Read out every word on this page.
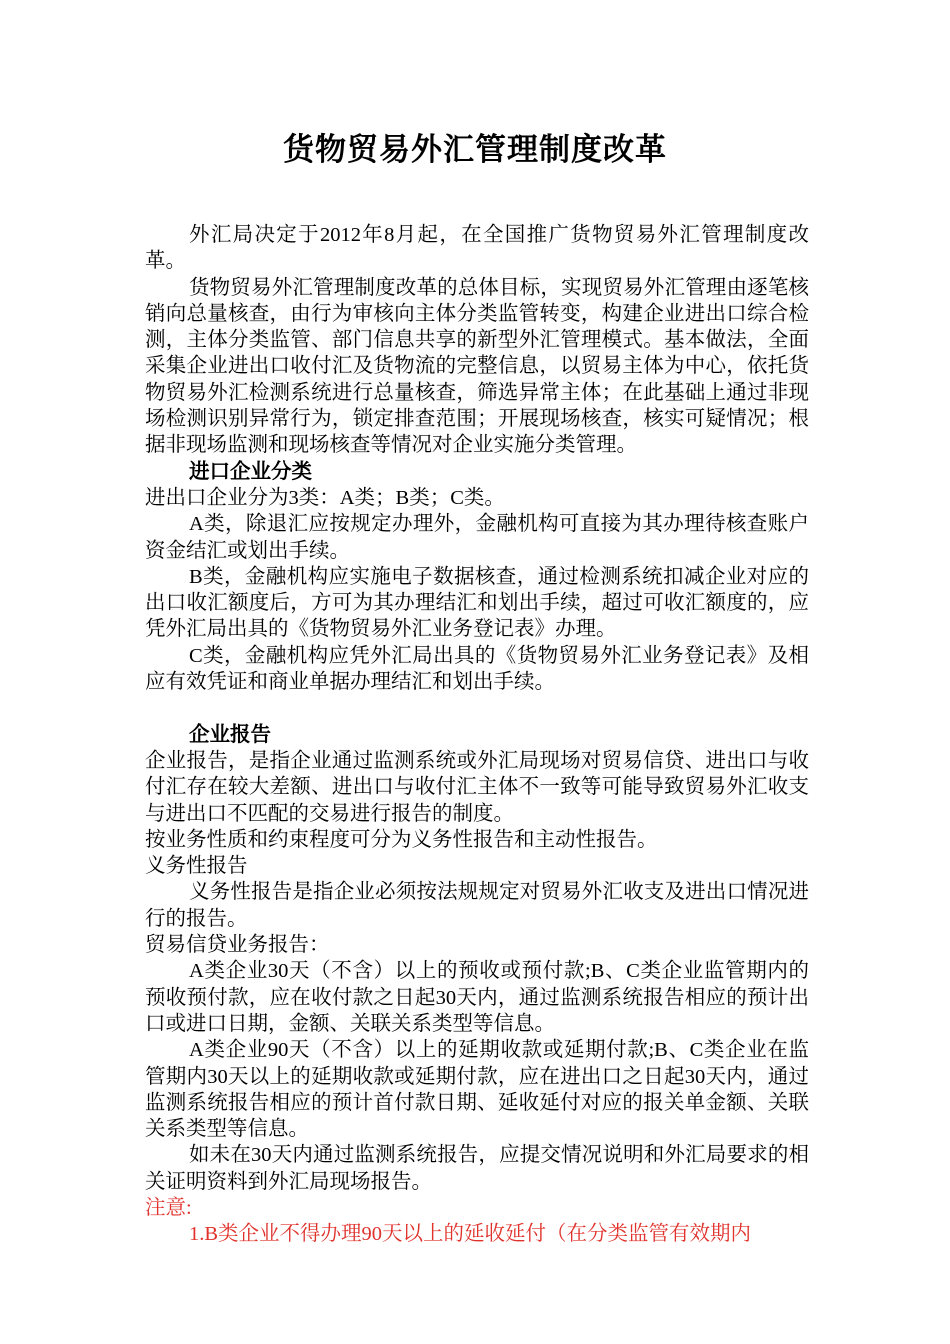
货物贸易外汇管理制度改革

外汇局决定于2012年8月起，在全国推广货物贸易外汇管理制度改革。

货物贸易外汇管理制度改革的总体目标，实现贸易外汇管理由逐笔核销向总量核查，由行为审核向主体分类监管转变，构建企业进出口综合检测，主体分类监管、部门信息共享的新型外汇管理模式。基本做法，全面采集企业进出口收付汇及货物流的完整信息，以贸易主体为中心，依托货物贸易外汇检测系统进行总量核查，筛选异常主体；在此基础上通过非现场检测识别异常行为，锁定排查范围；开展现场核查，核实可疑情况；根据非现场监测和现场核查等情况对企业实施分类管理。

进口企业分类

进出口企业分为3类：A类；B类；C类。

A类，除退汇应按规定办理外，金融机构可直接为其办理待核查账户资金结汇或划出手续。

B类，金融机构应实施电子数据核查，通过检测系统扣减企业对应的出口收汇额度后，方可为其办理结汇和划出手续，超过可收汇额度的，应凭外汇局出具的《货物贸易外汇业务登记表》办理。

C类，金融机构应凭外汇局出具的《货物贸易外汇业务登记表》及相应有效凭证和商业单据办理结汇和划出手续。

企业报告

企业报告，是指企业通过监测系统或外汇局现场对贸易信贷、进出口与收付汇存在较大差额、进出口与收付汇主体不一致等可能导致贸易外汇收支与进出口不匹配的交易进行报告的制度。

按业务性质和约束程度可分为义务性报告和主动性报告。

义务性报告

义务性报告是指企业必须按法规规定对贸易外汇收支及进出口情况进行的报告。

贸易信贷业务报告：

A类企业30天（不含）以上的预收或预付款;B、C类企业监管期内的预收预付款，应在收付款之日起30天内，通过监测系统报告相应的预计出口或进口日期，金额、关联关系类型等信息。

A类企业90天（不含）以上的延期收款或延期付款;B、C类企业在监管期内30天以上的延期收款或延期付款，应在进出口之日起30天内，通过监测系统报告相应的预计首付款日期、延收延付对应的报关单金额、关联关系类型等信息。

如未在30天内通过监测系统报告，应提交情况说明和外汇局要求的相关证明资料到外汇局现场报告。

注意:

1.B类企业不得办理90天以上的延收延付（在分类监管有效期内
